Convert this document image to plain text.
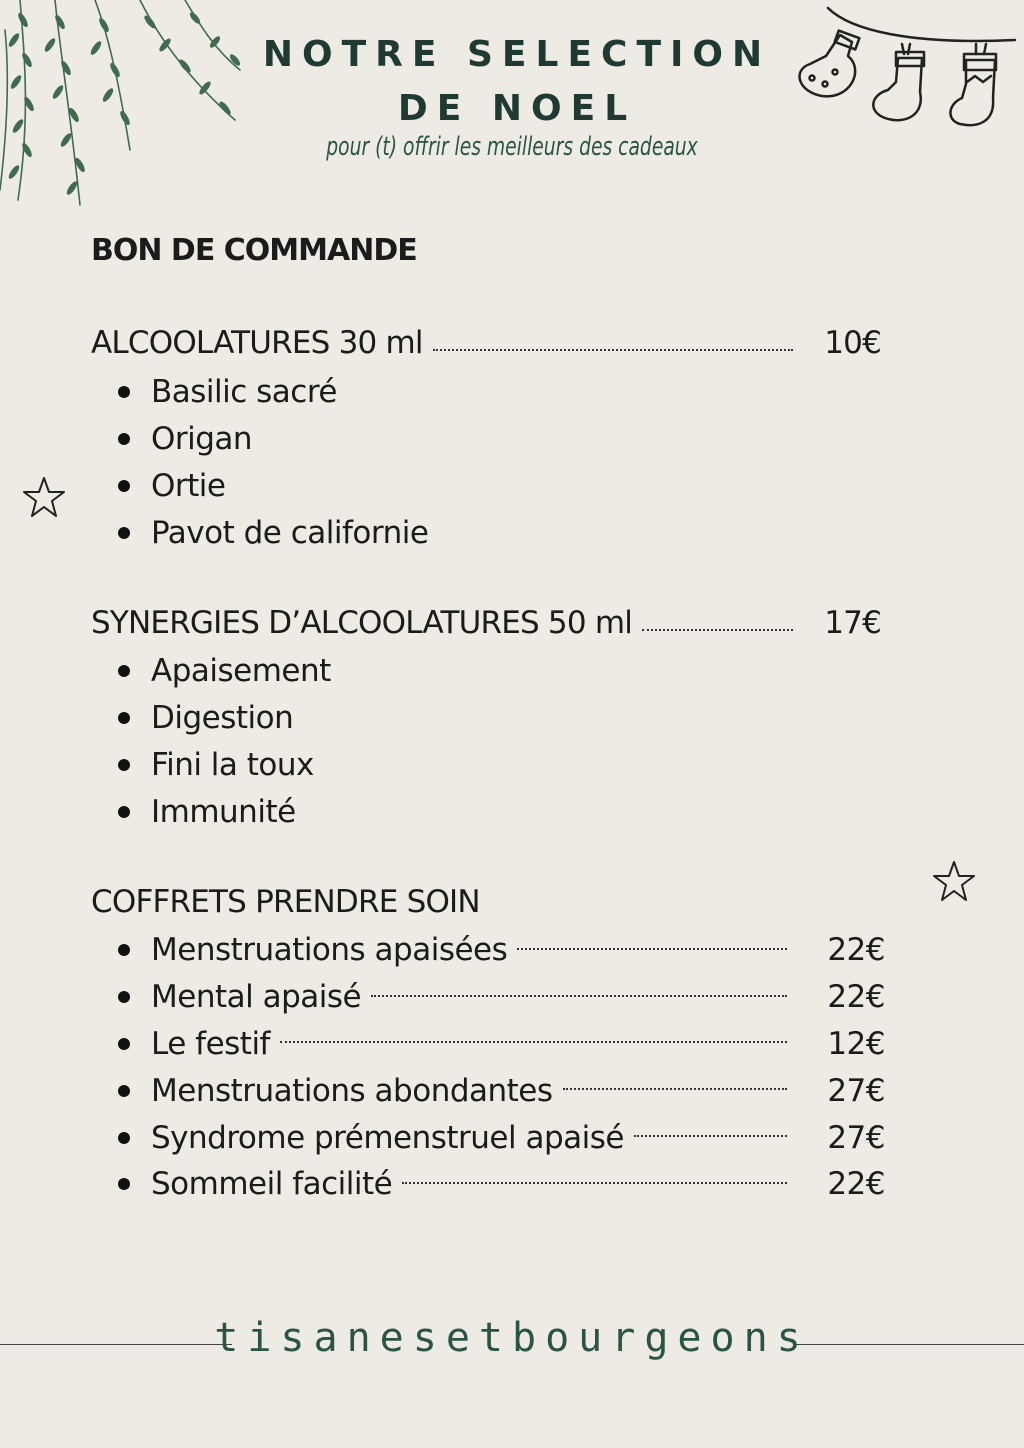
NOTRE SELECTION
DE NOEL
pour (t) offrir les meilleurs des cadeaux
BON DE COMMANDE
ALCOOLATURES 30 ml	10€
Basilic sacré
Origan
Ortie
Pavot de californie
SYNERGIES D’ALCOOLATURES 50 ml	17€
Apaisement
Digestion
Fini la toux
Immunité
COFFRETS PRENDRE SOIN
Menstruations apaisées	22€
Mental apaisé	22€
Le festif	12€
Menstruations abondantes	27€
Syndrome prémenstruel apaisé	27€
Sommeil facilité	22€
tisanesetbourgeons
